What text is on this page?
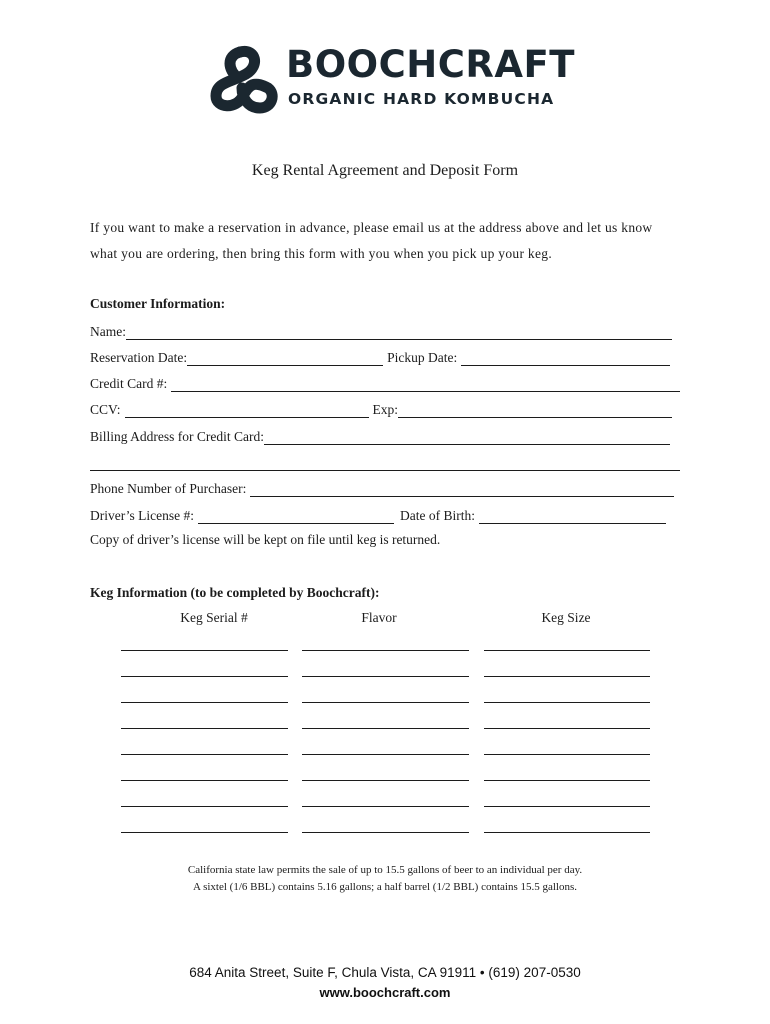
BOOCHCRAFT
ORGANIC HARD KOMBUCHA
Keg Rental Agreement and Deposit Form
If you want to make a reservation in advance, please email us at the address above and let us know
what you are ordering, then bring this form with you when you pick up your keg.
Customer Information:
Name:
Reservation Date:	Pickup Date:
Credit Card #:
CCV:	Exp:
Billing Address for Credit Card:
Phone Number of Purchaser:
Driver’s License #:	Date of Birth:
Copy of driver’s license will be kept on file until keg is returned.
Keg Information (to be completed by Boochcraft):
Keg Serial #	Flavor	Keg Size
California state law permits the sale of up to 15.5 gallons of beer to an individual per day.
A sixtel (1/6 BBL) contains 5.16 gallons; a half barrel (1/2 BBL) contains 15.5 gallons.
684 Anita Street, Suite F, Chula Vista, CA 91911 • (619) 207-0530
www.boochcraft.com
